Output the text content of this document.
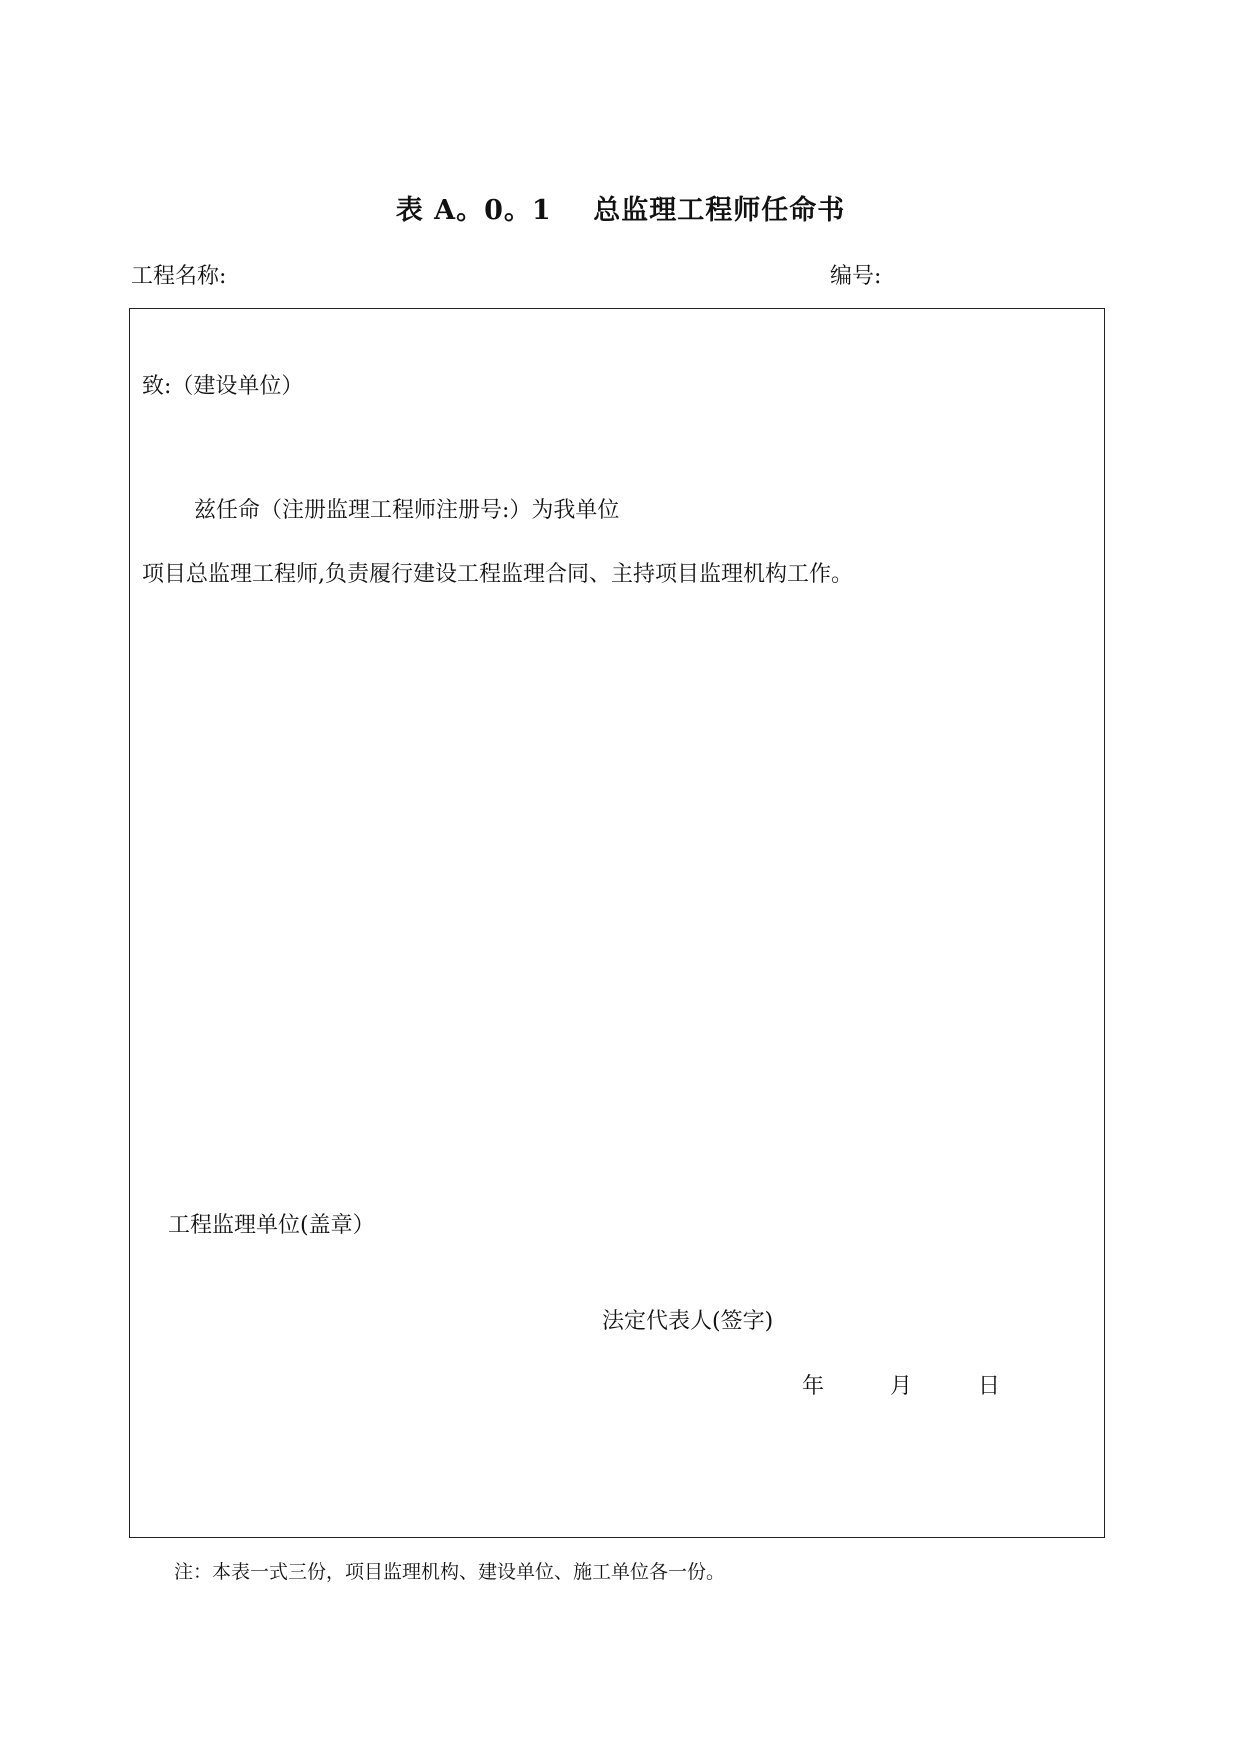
表 A。0。1    总监理工程师任命书
工程名称:	编号:
致:（建设单位）
兹任命（注册监理工程师注册号:）为我单位
项目总监理工程师,负责履行建设工程监理合同、主持项目监理机构工作。
工程监理单位(盖章）
法定代表人(签字)
年	月	日
注：本表一式三份，项目监理机构、建设单位、施工单位各一份。
